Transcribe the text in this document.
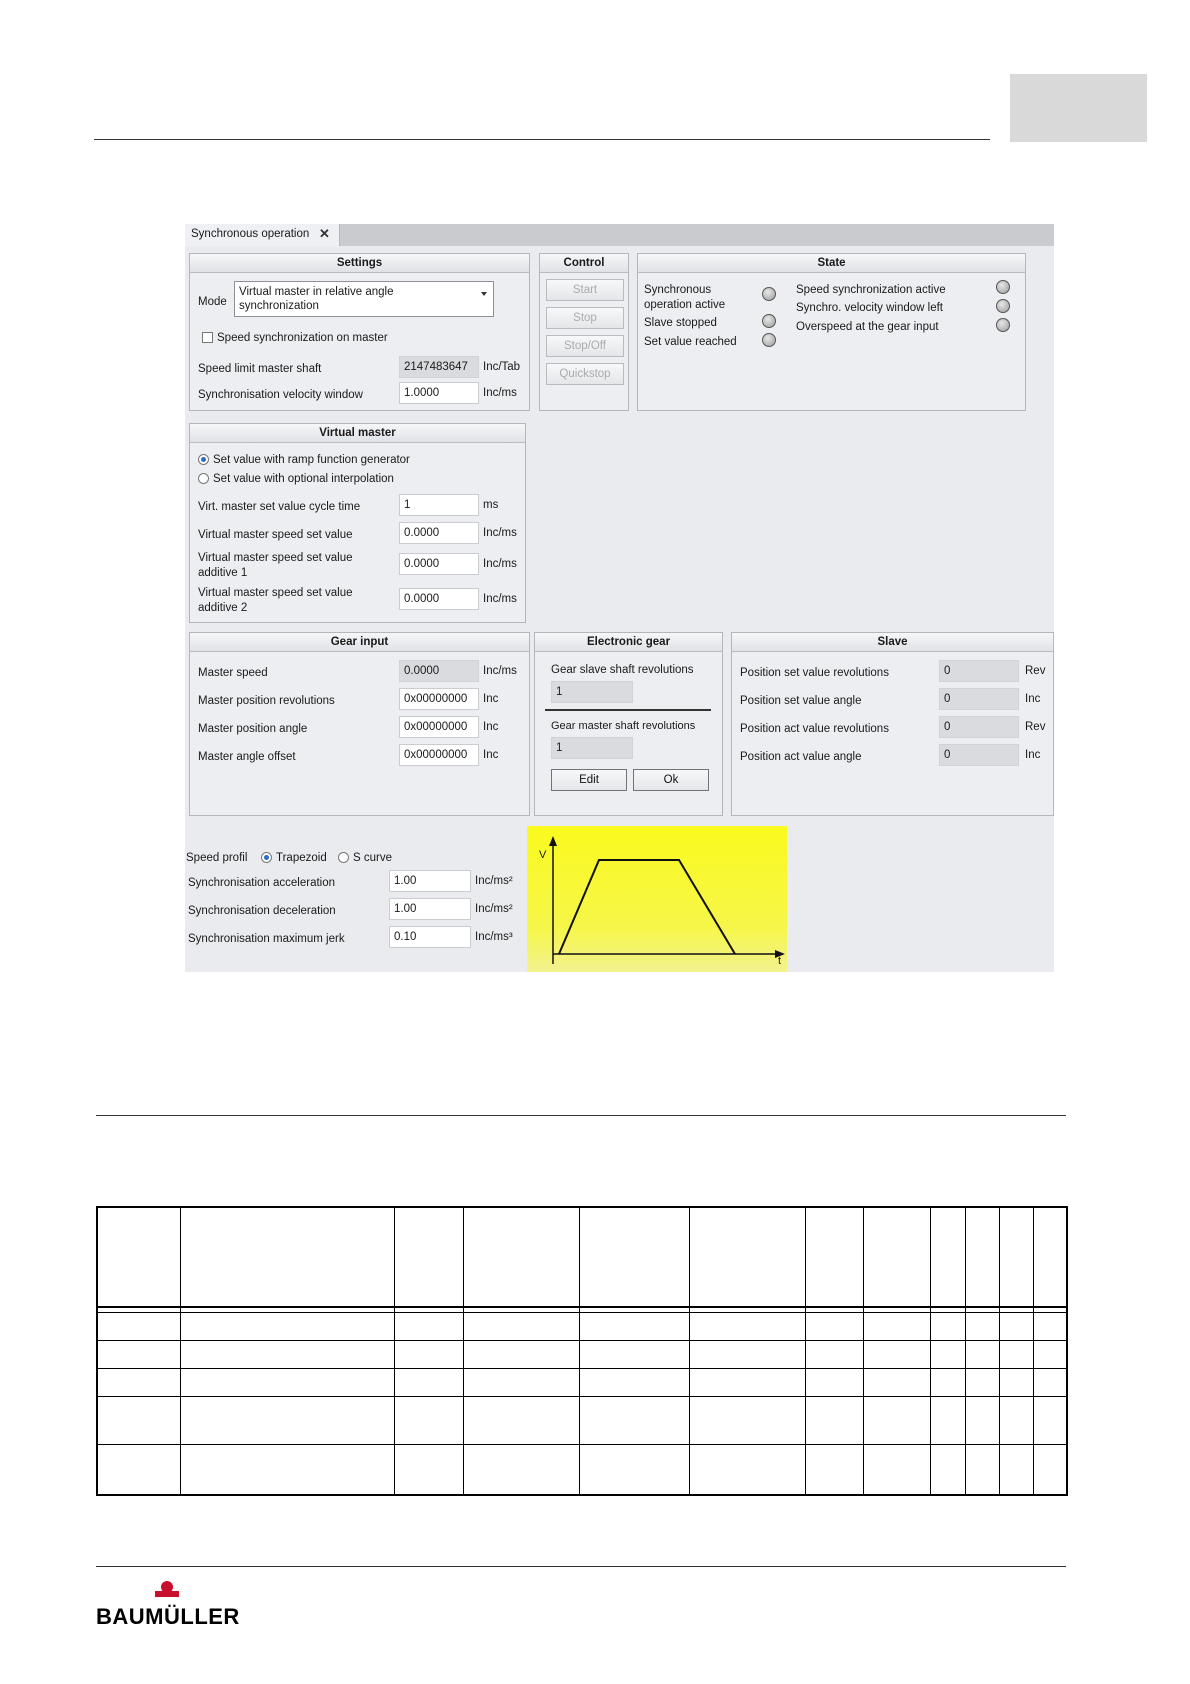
Synchronous operation ✕
Settings
Mode
Virtual master in relative angle
synchronization
Speed synchronization on master
Speed limit master shaft	2147483647	Inc/Tab
Synchronisation velocity window	1.0000	Inc/ms
Control
Start
Stop
Stop/Off
Quickstop
State
Synchronous
operation active
Slave stopped
Set value reached
Speed synchronization active
Synchro. velocity window left
Overspeed at the gear input
Virtual master
Set value with ramp function generator
Set value with optional interpolation
Virt. master set value cycle time	1	ms
Virtual master speed set value	0.0000	Inc/ms
Virtual master speed set value
additive 1
0.0000	Inc/ms
Virtual master speed set value
additive 2
0.0000	Inc/ms
Gear input
Master speed	0.0000	Inc/ms
Master position revolutions	0x00000000	Inc
Master position angle	0x00000000	Inc
Master angle offset	0x00000000	Inc
Electronic gear
Gear slave shaft revolutions
1
Gear master shaft revolutions
1
Edit	Ok
Slave
Position set value revolutions	0	Rev
Position set value angle	0	Inc
Position act value revolutions	0	Rev
Position act value angle	0	Inc
Speed profil Trapezoid S curve
Synchronisation acceleration	1.00	Inc/ms²
Synchronisation deceleration	1.00	Inc/ms²
Synchronisation maximum jerk	0.10	Inc/ms³
V
t
BAUMÜLLER
